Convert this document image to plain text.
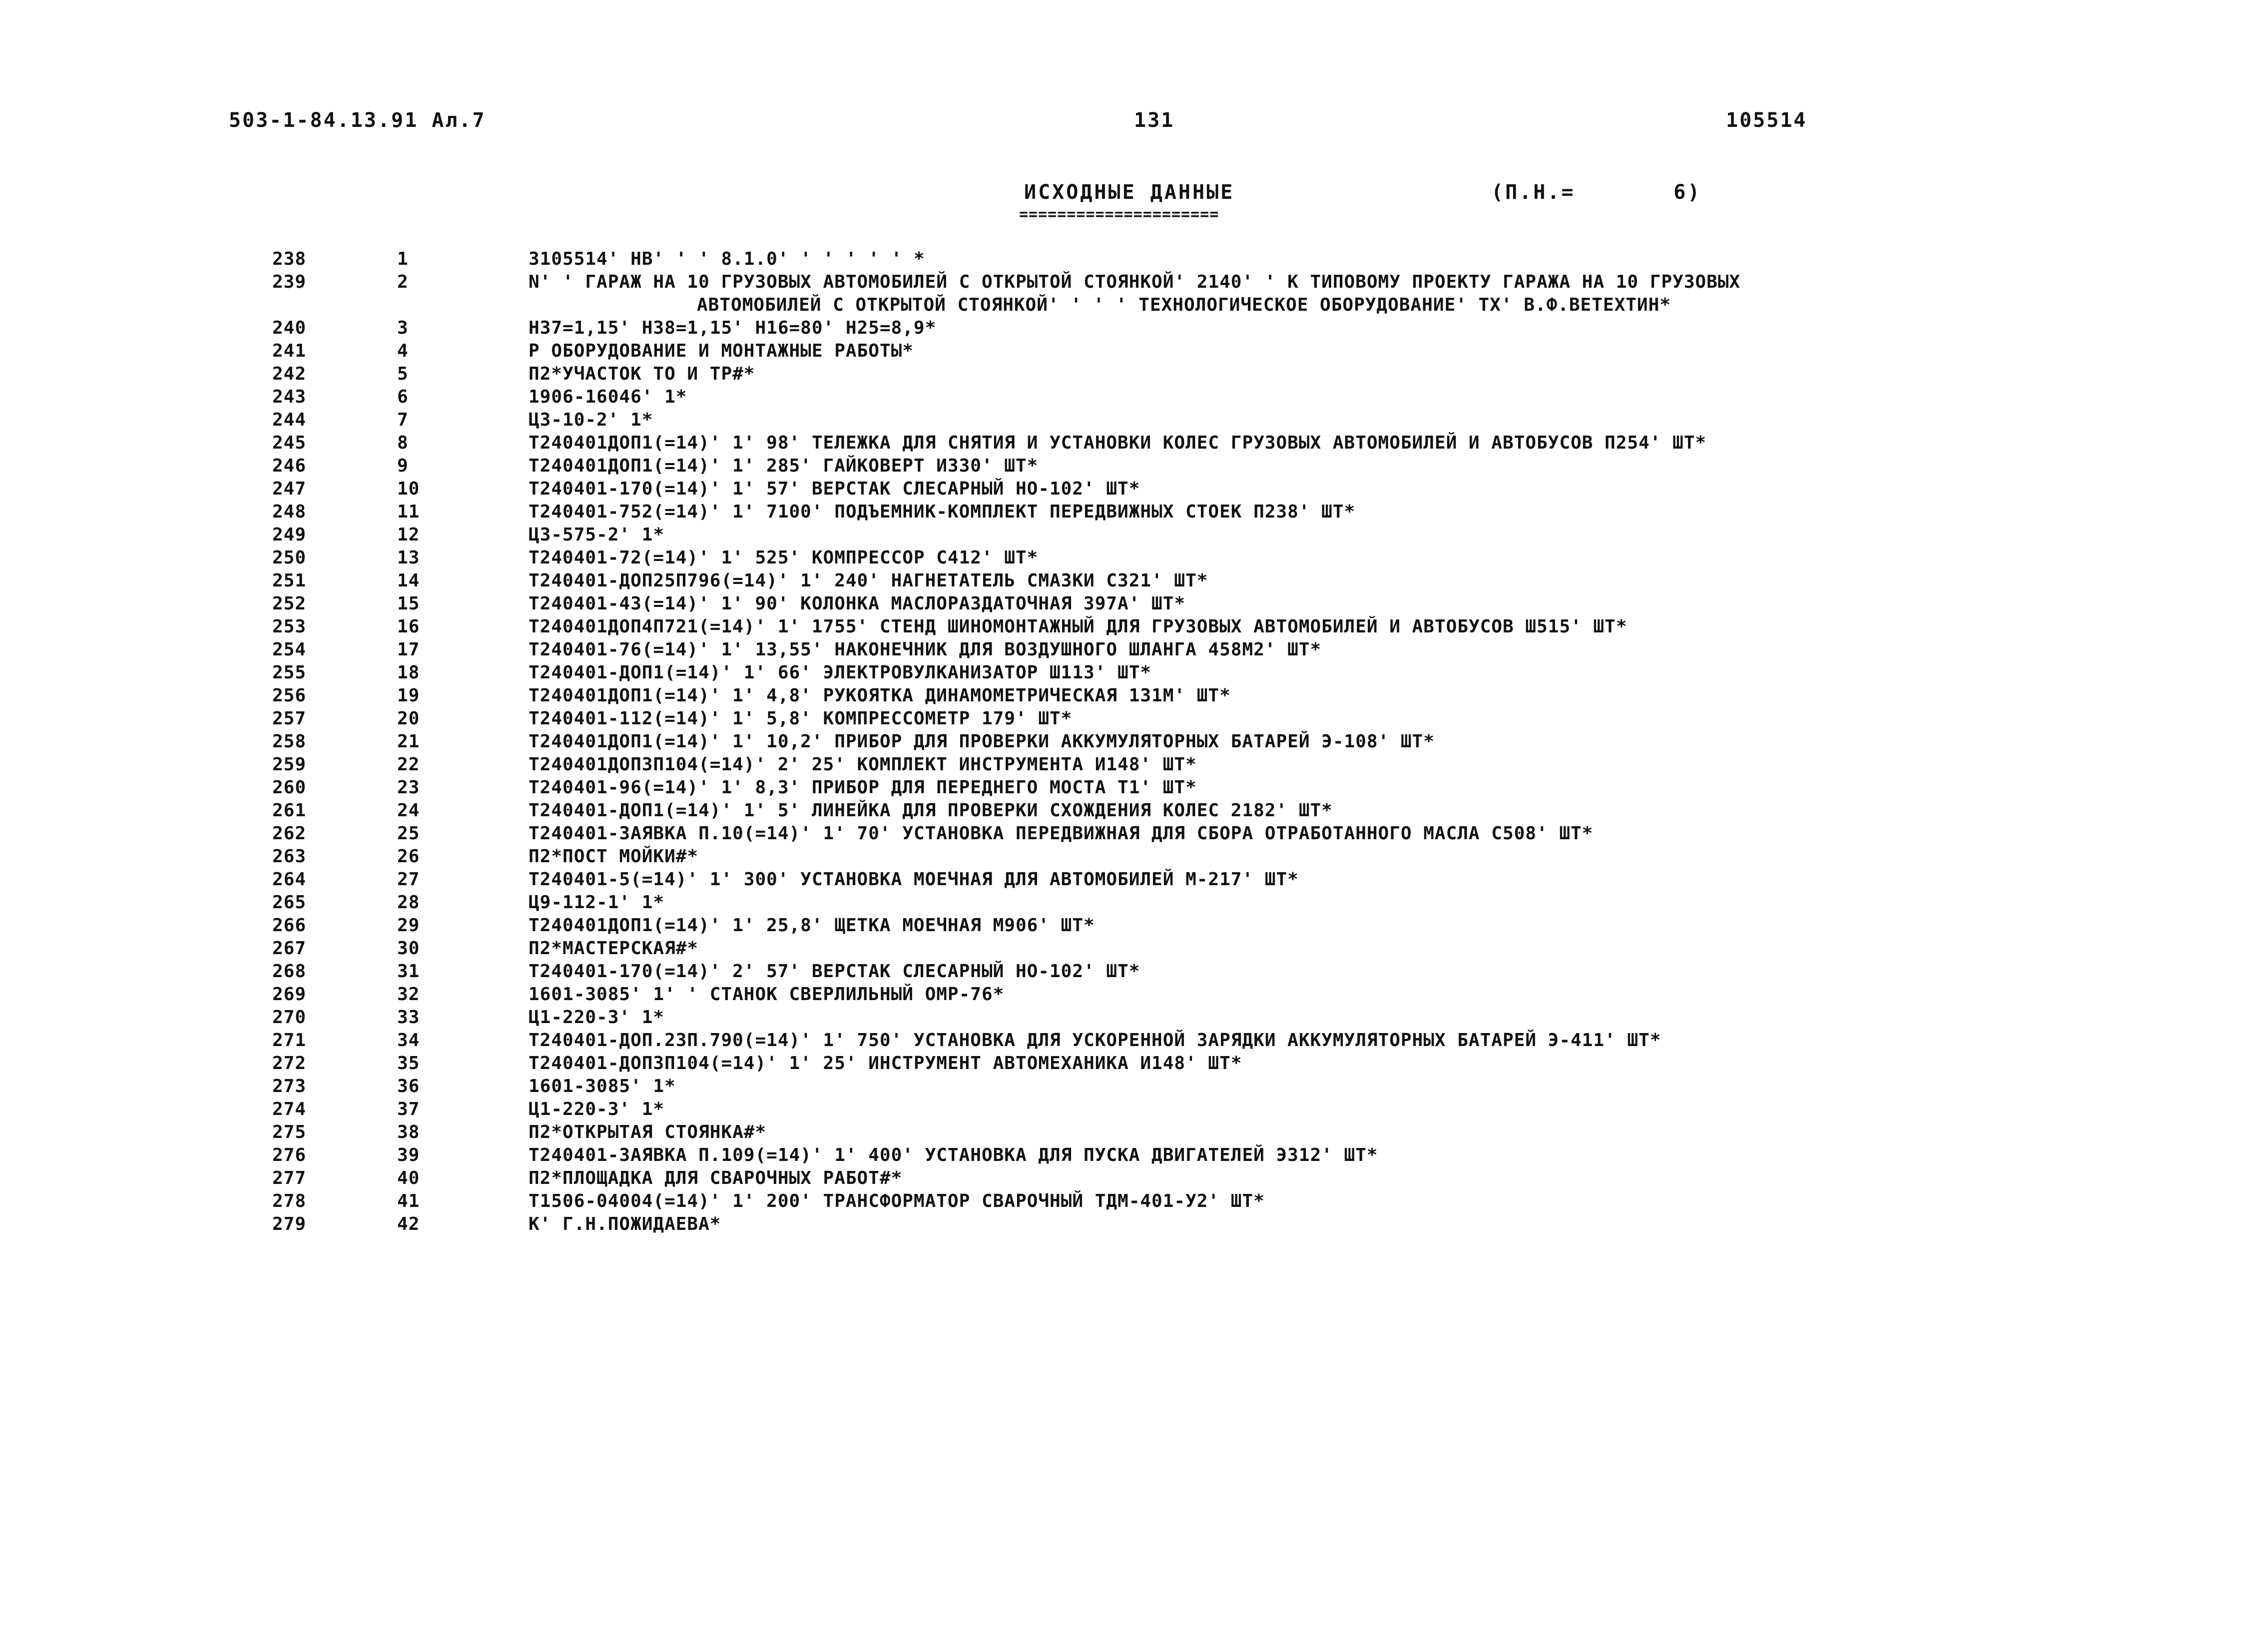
503-1-84.13.91 Ал.7	131	105514
ИСХОДНЫЕ ДАННЫЕ	(П.Н.=       6)
=====================
238	1	3105514' НВ' ' ' 8.1.0' ' ' ' ' ' *
239	2	N' ' ГАРАЖ НА 10 ГРУЗОВЫХ АВТОМОБИЛЕЙ С ОТКРЫТОЙ СТОЯНКОЙ' 2140' ' К ТИПОВОМУ ПРОЕКТУ ГАРАЖА НА 10 ГРУЗОВЫХ
АВТОМОБИЛЕЙ С ОТКРЫТОЙ СТОЯНКОЙ' ' ' ' ТЕХНОЛОГИЧЕСКОЕ ОБОРУДОВАНИЕ' ТХ' В.Ф.ВЕТЕХТИН*
240	3	Н37=1,15' Н38=1,15' Н16=80' Н25=8,9*
241	4	Р ОБОРУДОВАНИЕ И МОНТАЖНЫЕ РАБОТЫ*
242	5	П2*УЧАСТОК ТО И ТР#*
243	6	1906-16046' 1*
244	7	Ц3-10-2' 1*
245	8	Т240401ДОП1(=14)' 1' 98' ТЕЛЕЖКА ДЛЯ СНЯТИЯ И УСТАНОВКИ КОЛЕС ГРУЗОВЫХ АВТОМОБИЛЕЙ И АВТОБУСОВ П254' ШТ*
246	9	Т240401ДОП1(=14)' 1' 285' ГАЙКОВЕРТ И330' ШТ*
247	10	Т240401-170(=14)' 1' 57' ВЕРСТАК СЛЕСАРНЫЙ НО-102' ШТ*
248	11	Т240401-752(=14)' 1' 7100' ПОДЪЕМНИК-КОМПЛЕКТ ПЕРЕДВИЖНЫХ СТОЕК П238' ШТ*
249	12	Ц3-575-2' 1*
250	13	Т240401-72(=14)' 1' 525' КОМПРЕССОР С412' ШТ*
251	14	Т240401-ДОП25П796(=14)' 1' 240' НАГНЕТАТЕЛЬ СМАЗКИ С321' ШТ*
252	15	Т240401-43(=14)' 1' 90' КОЛОНКА МАСЛОРАЗДАТОЧНАЯ 397А' ШТ*
253	16	Т240401ДОП4П721(=14)' 1' 1755' СТЕНД ШИНОМОНТАЖНЫЙ ДЛЯ ГРУЗОВЫХ АВТОМОБИЛЕЙ И АВТОБУСОВ Ш515' ШТ*
254	17	Т240401-76(=14)' 1' 13,55' НАКОНЕЧНИК ДЛЯ ВОЗДУШНОГО ШЛАНГА 458М2' ШТ*
255	18	Т240401-ДОП1(=14)' 1' 66' ЭЛЕКТРОВУЛКАНИЗАТОР Ш113' ШТ*
256	19	Т240401ДОП1(=14)' 1' 4,8' РУКОЯТКА ДИНАМОМЕТРИЧЕСКАЯ 131М' ШТ*
257	20	Т240401-112(=14)' 1' 5,8' КОМПРЕССОМЕТР 179' ШТ*
258	21	Т240401ДОП1(=14)' 1' 10,2' ПРИБОР ДЛЯ ПРОВЕРКИ АККУМУЛЯТОРНЫХ БАТАРЕЙ Э-108' ШТ*
259	22	Т240401ДОП3П104(=14)' 2' 25' КОМПЛЕКТ ИНСТРУМЕНТА И148' ШТ*
260	23	Т240401-96(=14)' 1' 8,3' ПРИБОР ДЛЯ ПЕРЕДНЕГО МОСТА Т1' ШТ*
261	24	Т240401-ДОП1(=14)' 1' 5' ЛИНЕЙКА ДЛЯ ПРОВЕРКИ СХОЖДЕНИЯ КОЛЕС 2182' ШТ*
262	25	Т240401-ЗАЯВКА П.10(=14)' 1' 70' УСТАНОВКА ПЕРЕДВИЖНАЯ ДЛЯ СБОРА ОТРАБОТАННОГО МАСЛА С508' ШТ*
263	26	П2*ПОСТ МОЙКИ#*
264	27	Т240401-5(=14)' 1' 300' УСТАНОВКА МОЕЧНАЯ ДЛЯ АВТОМОБИЛЕЙ М-217' ШТ*
265	28	Ц9-112-1' 1*
266	29	Т240401ДОП1(=14)' 1' 25,8' ЩЕТКА МОЕЧНАЯ М906' ШТ*
267	30	П2*МАСТЕРСКАЯ#*
268	31	Т240401-170(=14)' 2' 57' ВЕРСТАК СЛЕСАРНЫЙ НО-102' ШТ*
269	32	1601-3085' 1' ' СТАНОК СВЕРЛИЛЬНЫЙ ОМР-76*
270	33	Ц1-220-3' 1*
271	34	Т240401-ДОП.23П.790(=14)' 1' 750' УСТАНОВКА ДЛЯ УСКОРЕННОЙ ЗАРЯДКИ АККУМУЛЯТОРНЫХ БАТАРЕЙ Э-411' ШТ*
272	35	Т240401-ДОП3П104(=14)' 1' 25' ИНСТРУМЕНТ АВТОМЕХАНИКА И148' ШТ*
273	36	1601-3085' 1*
274	37	Ц1-220-3' 1*
275	38	П2*ОТКРЫТАЯ СТОЯНКА#*
276	39	Т240401-ЗАЯВКА П.109(=14)' 1' 400' УСТАНОВКА ДЛЯ ПУСКА ДВИГАТЕЛЕЙ Э312' ШТ*
277	40	П2*ПЛОЩАДКА ДЛЯ СВАРОЧНЫХ РАБОТ#*
278	41	Т1506-04004(=14)' 1' 200' ТРАНСФОРМАТОР СВАРОЧНЫЙ ТДМ-401-У2' ШТ*
279	42	К' Г.Н.ПОЖИДАЕВА*
